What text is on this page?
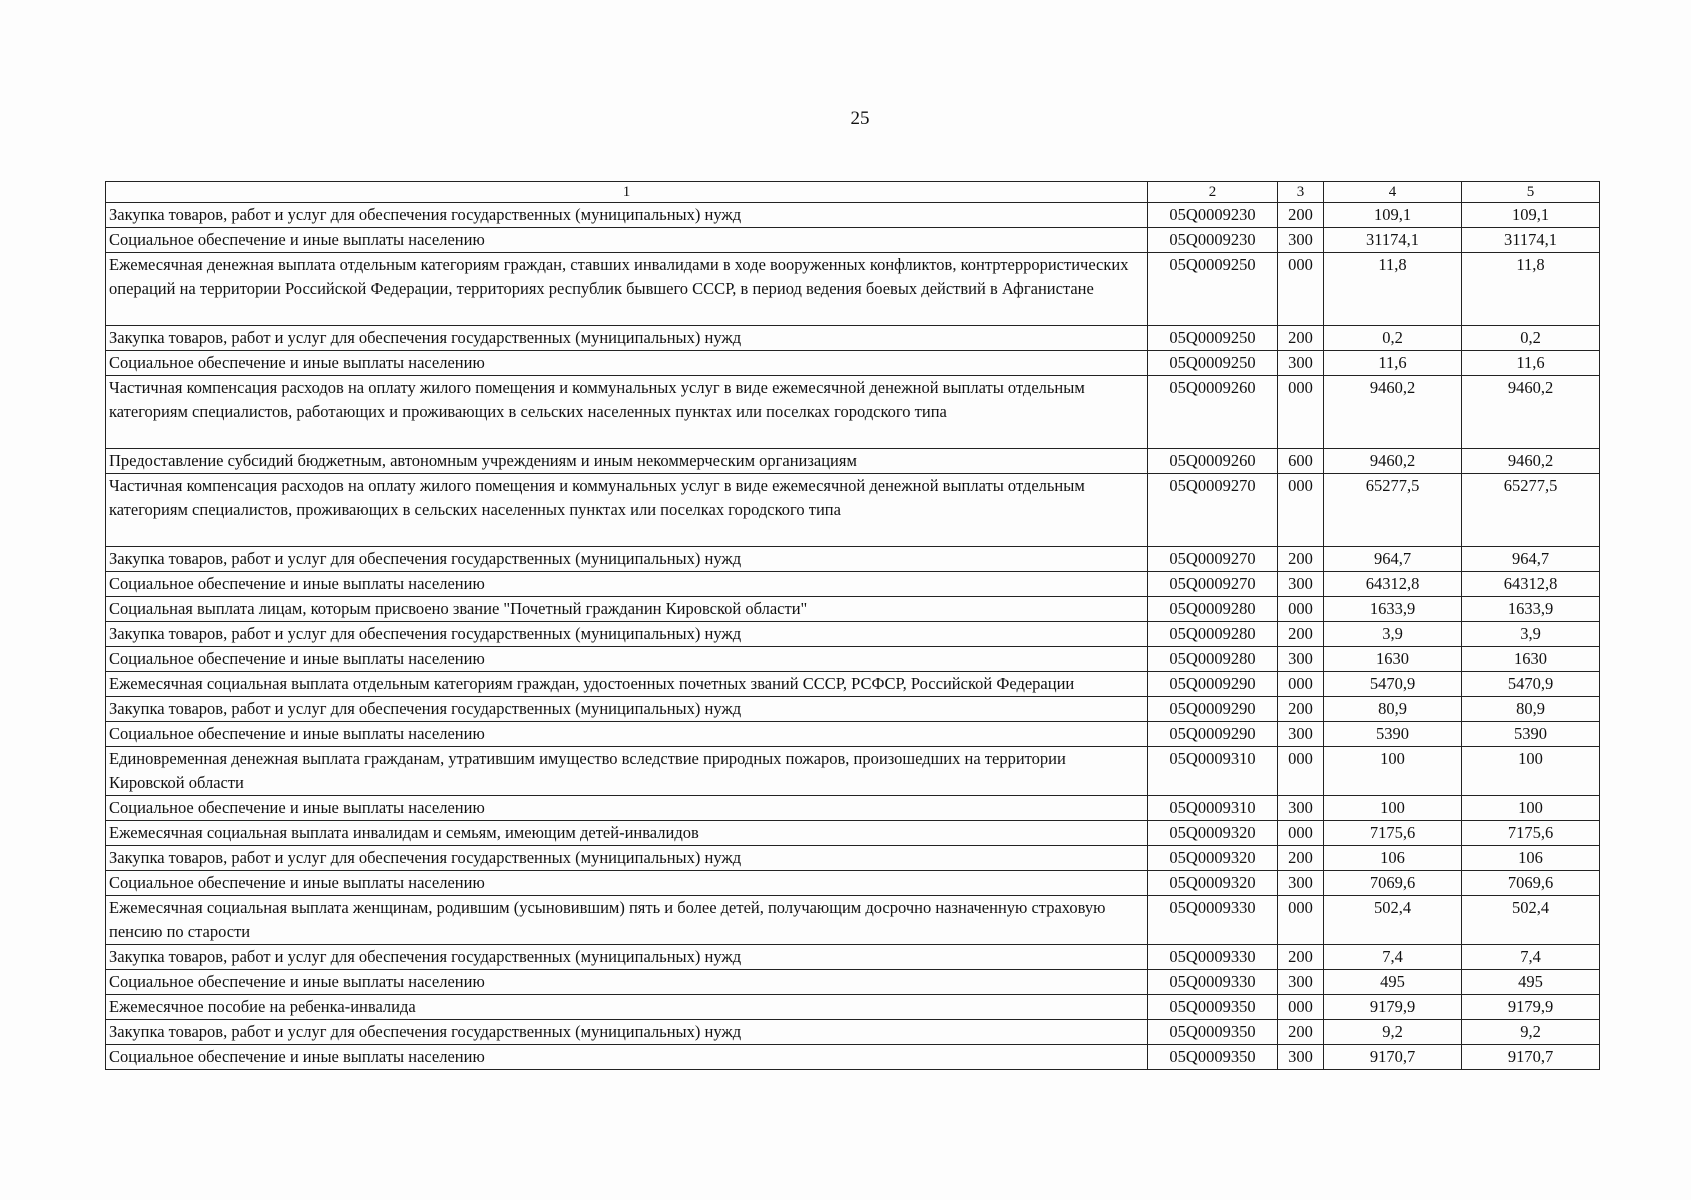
25
1	2	3	4	5
Закупка товаров, работ и услуг для обеспечения государственных (муниципальных) нужд	05Q0009230	200	109,1	109,1
Социальное обеспечение и иные выплаты населению	05Q0009230	300	31174,1	31174,1
Ежемесячная денежная выплата отдельным категориям граждан, ставших инвалидами в ходе вооруженных конфликтов, контртеррористических операций на территории Российской Федерации, территориях республик бывшего СССР, в период ведения боевых действий в Афганистане	05Q0009250	000	11,8	11,8
Закупка товаров, работ и услуг для обеспечения государственных (муниципальных) нужд	05Q0009250	200	0,2	0,2
Социальное обеспечение и иные выплаты населению	05Q0009250	300	11,6	11,6
Частичная компенсация расходов на оплату жилого помещения и коммунальных услуг в виде ежемесячной денежной выплаты отдельным категориям специалистов, работающих и проживающих в сельских населенных пунктах или поселках городского типа	05Q0009260	000	9460,2	9460,2
Предоставление субсидий бюджетным, автономным учреждениям и иным некоммерческим организациям	05Q0009260	600	9460,2	9460,2
Частичная компенсация расходов на оплату жилого помещения и коммунальных услуг в виде ежемесячной денежной выплаты отдельным категориям специалистов, проживающих в сельских населенных пунктах или поселках городского типа	05Q0009270	000	65277,5	65277,5
Закупка товаров, работ и услуг для обеспечения государственных (муниципальных) нужд	05Q0009270	200	964,7	964,7
Социальное обеспечение и иные выплаты населению	05Q0009270	300	64312,8	64312,8
Социальная выплата лицам, которым присвоено звание "Почетный гражданин Кировской области"	05Q0009280	000	1633,9	1633,9
Закупка товаров, работ и услуг для обеспечения государственных (муниципальных) нужд	05Q0009280	200	3,9	3,9
Социальное обеспечение и иные выплаты населению	05Q0009280	300	1630	1630
Ежемесячная социальная выплата отдельным категориям граждан, удостоенных почетных званий СССР, РСФСР, Российской Федерации	05Q0009290	000	5470,9	5470,9
Закупка товаров, работ и услуг для обеспечения государственных (муниципальных) нужд	05Q0009290	200	80,9	80,9
Социальное обеспечение и иные выплаты населению	05Q0009290	300	5390	5390
Единовременная денежная выплата гражданам, утратившим имущество вследствие природных пожаров, произошедших на территории Кировской области	05Q0009310	000	100	100
Социальное обеспечение и иные выплаты населению	05Q0009310	300	100	100
Ежемесячная социальная выплата инвалидам и семьям, имеющим детей-инвалидов	05Q0009320	000	7175,6	7175,6
Закупка товаров, работ и услуг для обеспечения государственных (муниципальных) нужд	05Q0009320	200	106	106
Социальное обеспечение и иные выплаты населению	05Q0009320	300	7069,6	7069,6
Ежемесячная социальная выплата женщинам, родившим (усыновившим) пять и более детей, получающим досрочно назначенную страховую пенсию по старости	05Q0009330	000	502,4	502,4
Закупка товаров, работ и услуг для обеспечения государственных (муниципальных) нужд	05Q0009330	200	7,4	7,4
Социальное обеспечение и иные выплаты населению	05Q0009330	300	495	495
Ежемесячное пособие на ребенка-инвалида	05Q0009350	000	9179,9	9179,9
Закупка товаров, работ и услуг для обеспечения государственных (муниципальных) нужд	05Q0009350	200	9,2	9,2
Социальное обеспечение и иные выплаты населению	05Q0009350	300	9170,7	9170,7
